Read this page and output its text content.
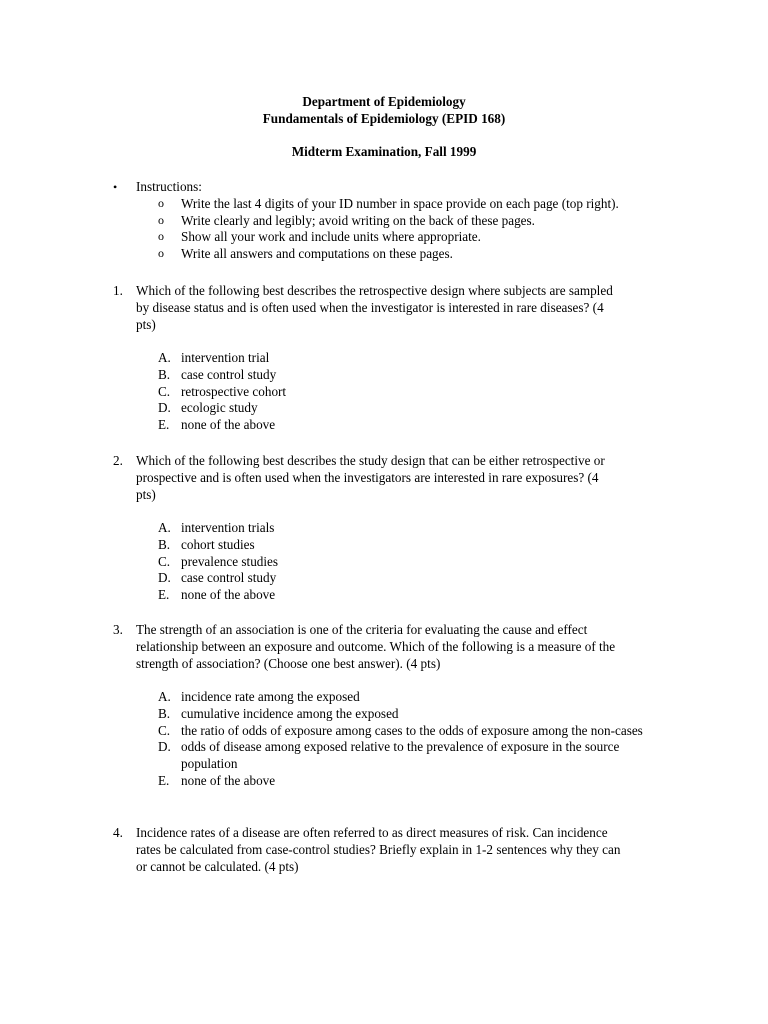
Department of Epidemiology
Fundamentals of Epidemiology (EPID 168)
Midterm Examination, Fall 1999
• Instructions:
o Write the last 4 digits of your ID number in space provide on each page (top right).
o Write clearly and legibly; avoid writing on the back of these pages.
o Show all your work and include units where appropriate.
o Write all answers and computations on these pages.
1. Which of the following best describes the retrospective design where subjects are sampled
by disease status and is often used when the investigator is interested in rare diseases? (4
pts)
A. intervention trial
B. case control study
C. retrospective cohort
D. ecologic study
E. none of the above
2. Which of the following best describes the study design that can be either retrospective or
prospective and is often used when the investigators are interested in rare exposures? (4
pts)
A. intervention trials
B. cohort studies
C. prevalence studies
D. case control study
E. none of the above
3. The strength of an association is one of the criteria for evaluating the cause and effect
relationship between an exposure and outcome. Which of the following is a measure of the
strength of association? (Choose one best answer). (4 pts)
A. incidence rate among the exposed
B. cumulative incidence among the exposed
C. the ratio of odds of exposure among cases to the odds of exposure among the non-cases
D. odds of disease among exposed relative to the prevalence of exposure in the source population
E. none of the above
4. Incidence rates of a disease are often referred to as direct measures of risk. Can incidence
rates be calculated from case-control studies? Briefly explain in 1-2 sentences why they can
or cannot be calculated. (4 pts)
